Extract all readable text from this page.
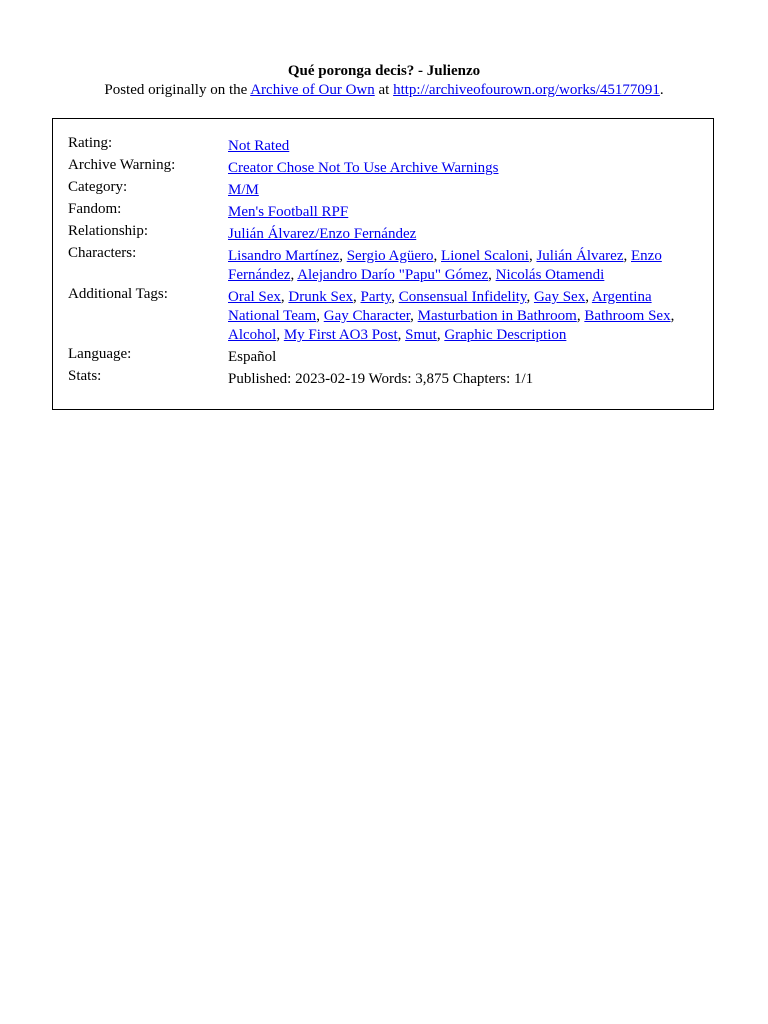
Qué poronga decis? - Julienzo
Posted originally on the Archive of Our Own at http://archiveofourown.org/works/45177091.
Rating:	Not Rated
Archive Warning:	Creator Chose Not To Use Archive Warnings
Category:	M/M
Fandom:	Men's Football RPF
Relationship:	Julián Álvarez/Enzo Fernández
Characters:	Lisandro Martínez, Sergio Agüero, Lionel Scaloni, Julián Álvarez, Enzo Fernández, Alejandro Darío "Papu" Gómez, Nicolás Otamendi
Additional Tags:	Oral Sex, Drunk Sex, Party, Consensual Infidelity, Gay Sex, Argentina National Team, Gay Character, Masturbation in Bathroom, Bathroom Sex, Alcohol, My First AO3 Post, Smut, Graphic Description
Language:	Español
Stats:	Published: 2023-02-19 Words: 3,875 Chapters: 1/1
